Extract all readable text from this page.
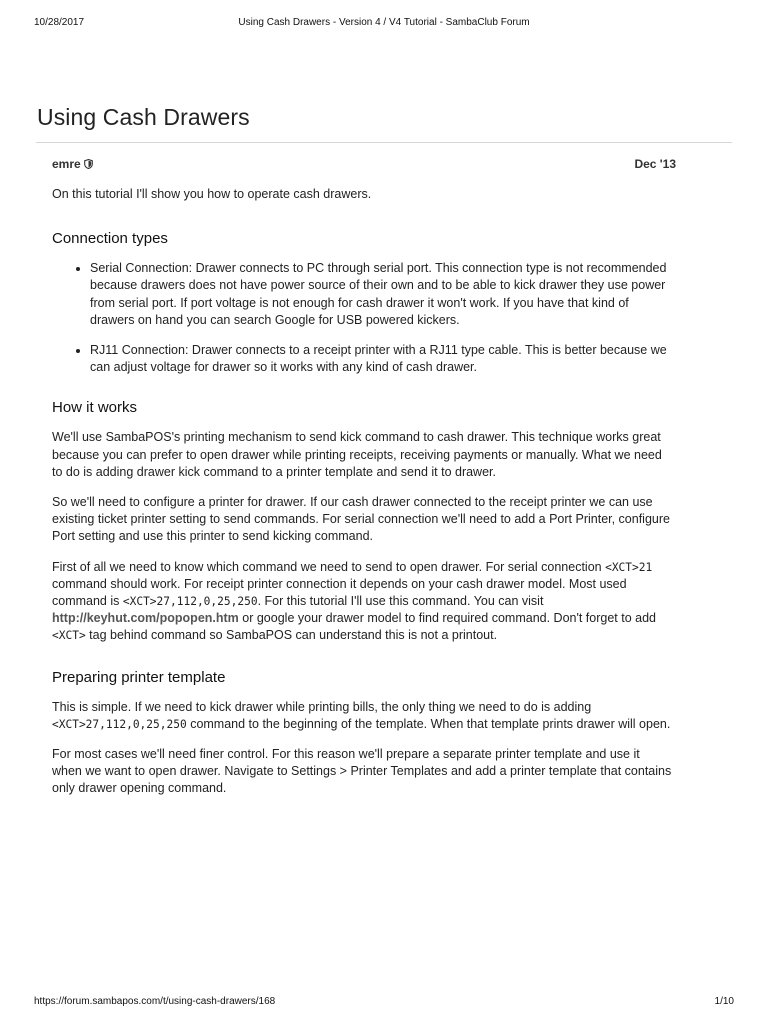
10/28/2017	Using Cash Drawers - Version 4 / V4 Tutorial - SambaClub Forum
Using Cash Drawers
emre	Dec '13

On this tutorial I'll show you how to operate cash drawers.

Connection types
• Serial Connection: Drawer connects to PC through serial port. This connection type is not recommended because drawers does not have power source of their own and to be able to kick drawer they use power from serial port. If port voltage is not enough for cash drawer it won't work. If you have that kind of drawers on hand you can search Google for USB powered kickers.
• RJ11 Connection: Drawer connects to a receipt printer with a RJ11 type cable. This is better because we can adjust voltage for drawer so it works with any kind of cash drawer.
How it works

We'll use SambaPOS's printing mechanism to send kick command to cash drawer. This technique works great because you can prefer to open drawer while printing receipts, receiving payments or manually. What we need to do is adding drawer kick command to a printer template and send it to drawer.

So we'll need to configure a printer for drawer. If our cash drawer connected to the receipt printer we can use existing ticket printer setting to send commands. For serial connection we'll need to add a Port Printer, configure Port setting and use this printer to send kicking command.

First of all we need to know which command we need to send to open drawer. For serial connection <XCT>21 command should work. For receipt printer connection it depends on your cash drawer model. Most used command is <XCT>27,112,0,25,250. For this tutorial I'll use this command. You can visit http://keyhut.com/popopen.htm or google your drawer model to find required command. Don't forget to add <XCT> tag behind command so SambaPOS can understand this is not a printout.

Preparing printer template

This is simple. If we need to kick drawer while printing bills, the only thing we need to do is adding <XCT>27,112,0,25,250 command to the beginning of the template. When that template prints drawer will open.

For most cases we'll need finer control. For this reason we'll prepare a separate printer template and use it when we want to open drawer. Navigate to Settings > Printer Templates and add a printer template that contains only drawer opening command.

https://forum.sambapos.com/t/using-cash-drawers/168	1/10
